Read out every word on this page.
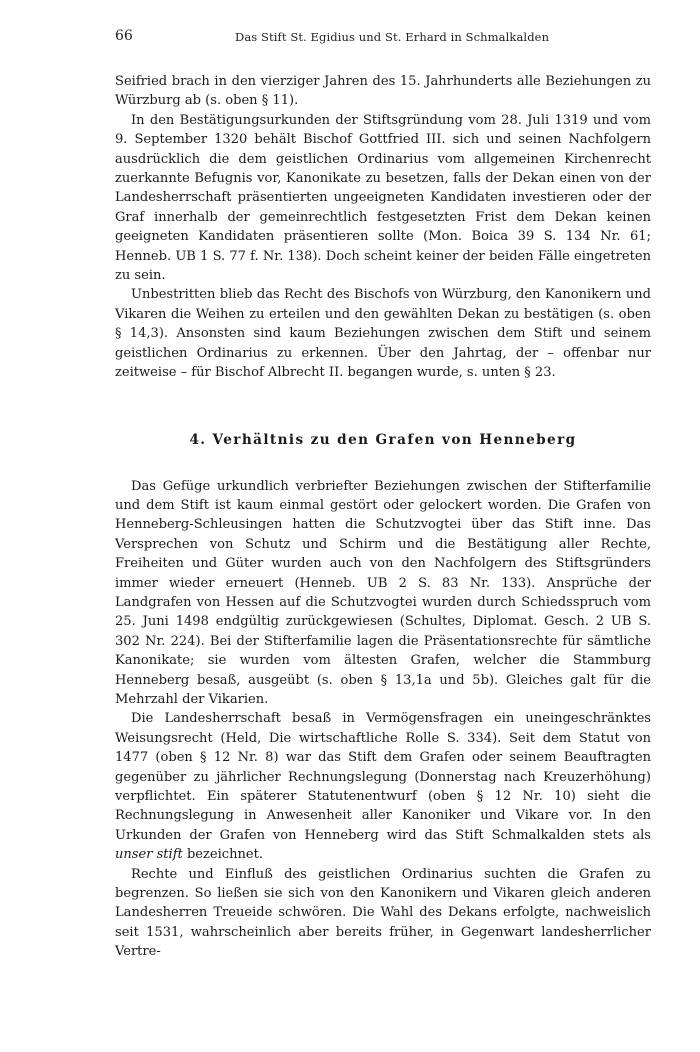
66	Das Stift St. Egidius und St. Erhard in Schmalkalden

Seifried brach in den vierziger Jahren des 15. Jahrhunderts alle Beziehungen zu Würzburg ab (s. oben § 11).

In den Bestätigungsurkunden der Stiftsgründung vom 28. Juli 1319 und vom 9. September 1320 behält Bischof Gottfried III. sich und seinen Nachfolgern ausdrücklich die dem geistlichen Ordinarius vom allgemeinen Kirchenrecht zuerkannte Befugnis vor, Kanonikate zu besetzen, falls der Dekan einen von der Landesherrschaft präsentierten ungeeigneten Kandidaten investieren oder der Graf innerhalb der gemeinrechtlich festgesetzten Frist dem Dekan keinen geeigneten Kandidaten präsentieren sollte (Mon. Boica 39 S. 134 Nr. 61; Henneb. UB 1 S. 77 f. Nr. 138). Doch scheint keiner der beiden Fälle eingetreten zu sein.

Unbestritten blieb das Recht des Bischofs von Würzburg, den Kanonikern und Vikaren die Weihen zu erteilen und den gewählten Dekan zu bestätigen (s. oben § 14,3). Ansonsten sind kaum Beziehungen zwischen dem Stift und seinem geistlichen Ordinarius zu erkennen. Über den Jahrtag, der – offenbar nur zeitweise – für Bischof Albrecht II. begangen wurde, s. unten § 23.

4. Verhältnis zu den Grafen von Henneberg

Das Gefüge urkundlich verbriefter Beziehungen zwischen der Stifterfamilie und dem Stift ist kaum einmal gestört oder gelockert worden. Die Grafen von Henneberg-Schleusingen hatten die Schutzvogtei über das Stift inne. Das Versprechen von Schutz und Schirm und die Bestätigung aller Rechte, Freiheiten und Güter wurden auch von den Nachfolgern des Stiftsgründers immer wieder erneuert (Henneb. UB 2 S. 83 Nr. 133). Ansprüche der Landgrafen von Hessen auf die Schutzvogtei wurden durch Schiedsspruch vom 25. Juni 1498 endgültig zurückgewiesen (Schultes, Diplomat. Gesch. 2 UB S. 302 Nr. 224). Bei der Stifterfamilie lagen die Präsentationsrechte für sämtliche Kanonikate; sie wurden vom ältesten Grafen, welcher die Stammburg Henneberg besaß, ausgeübt (s. oben § 13,1a und 5b). Gleiches galt für die Mehrzahl der Vikarien.

Die Landesherrschaft besaß in Vermögensfragen ein uneingeschränktes Weisungsrecht (Held, Die wirtschaftliche Rolle S. 334). Seit dem Statut von 1477 (oben § 12 Nr. 8) war das Stift dem Grafen oder seinem Beauftragten gegenüber zu jährlicher Rechnungslegung (Donnerstag nach Kreuzerhöhung) verpflichtet. Ein späterer Statutenentwurf (oben § 12 Nr. 10) sieht die Rechnungslegung in Anwesenheit aller Kanoniker und Vikare vor. In den Urkunden der Grafen von Henneberg wird das Stift Schmalkalden stets als unser stift bezeichnet.

Rechte und Einfluß des geistlichen Ordinarius suchten die Grafen zu begrenzen. So ließen sie sich von den Kanonikern und Vikaren gleich anderen Landesherren Treueide schwören. Die Wahl des Dekans erfolgte, nachweislich seit 1531, wahrscheinlich aber bereits früher, in Gegenwart landesherrlicher Vertre-
